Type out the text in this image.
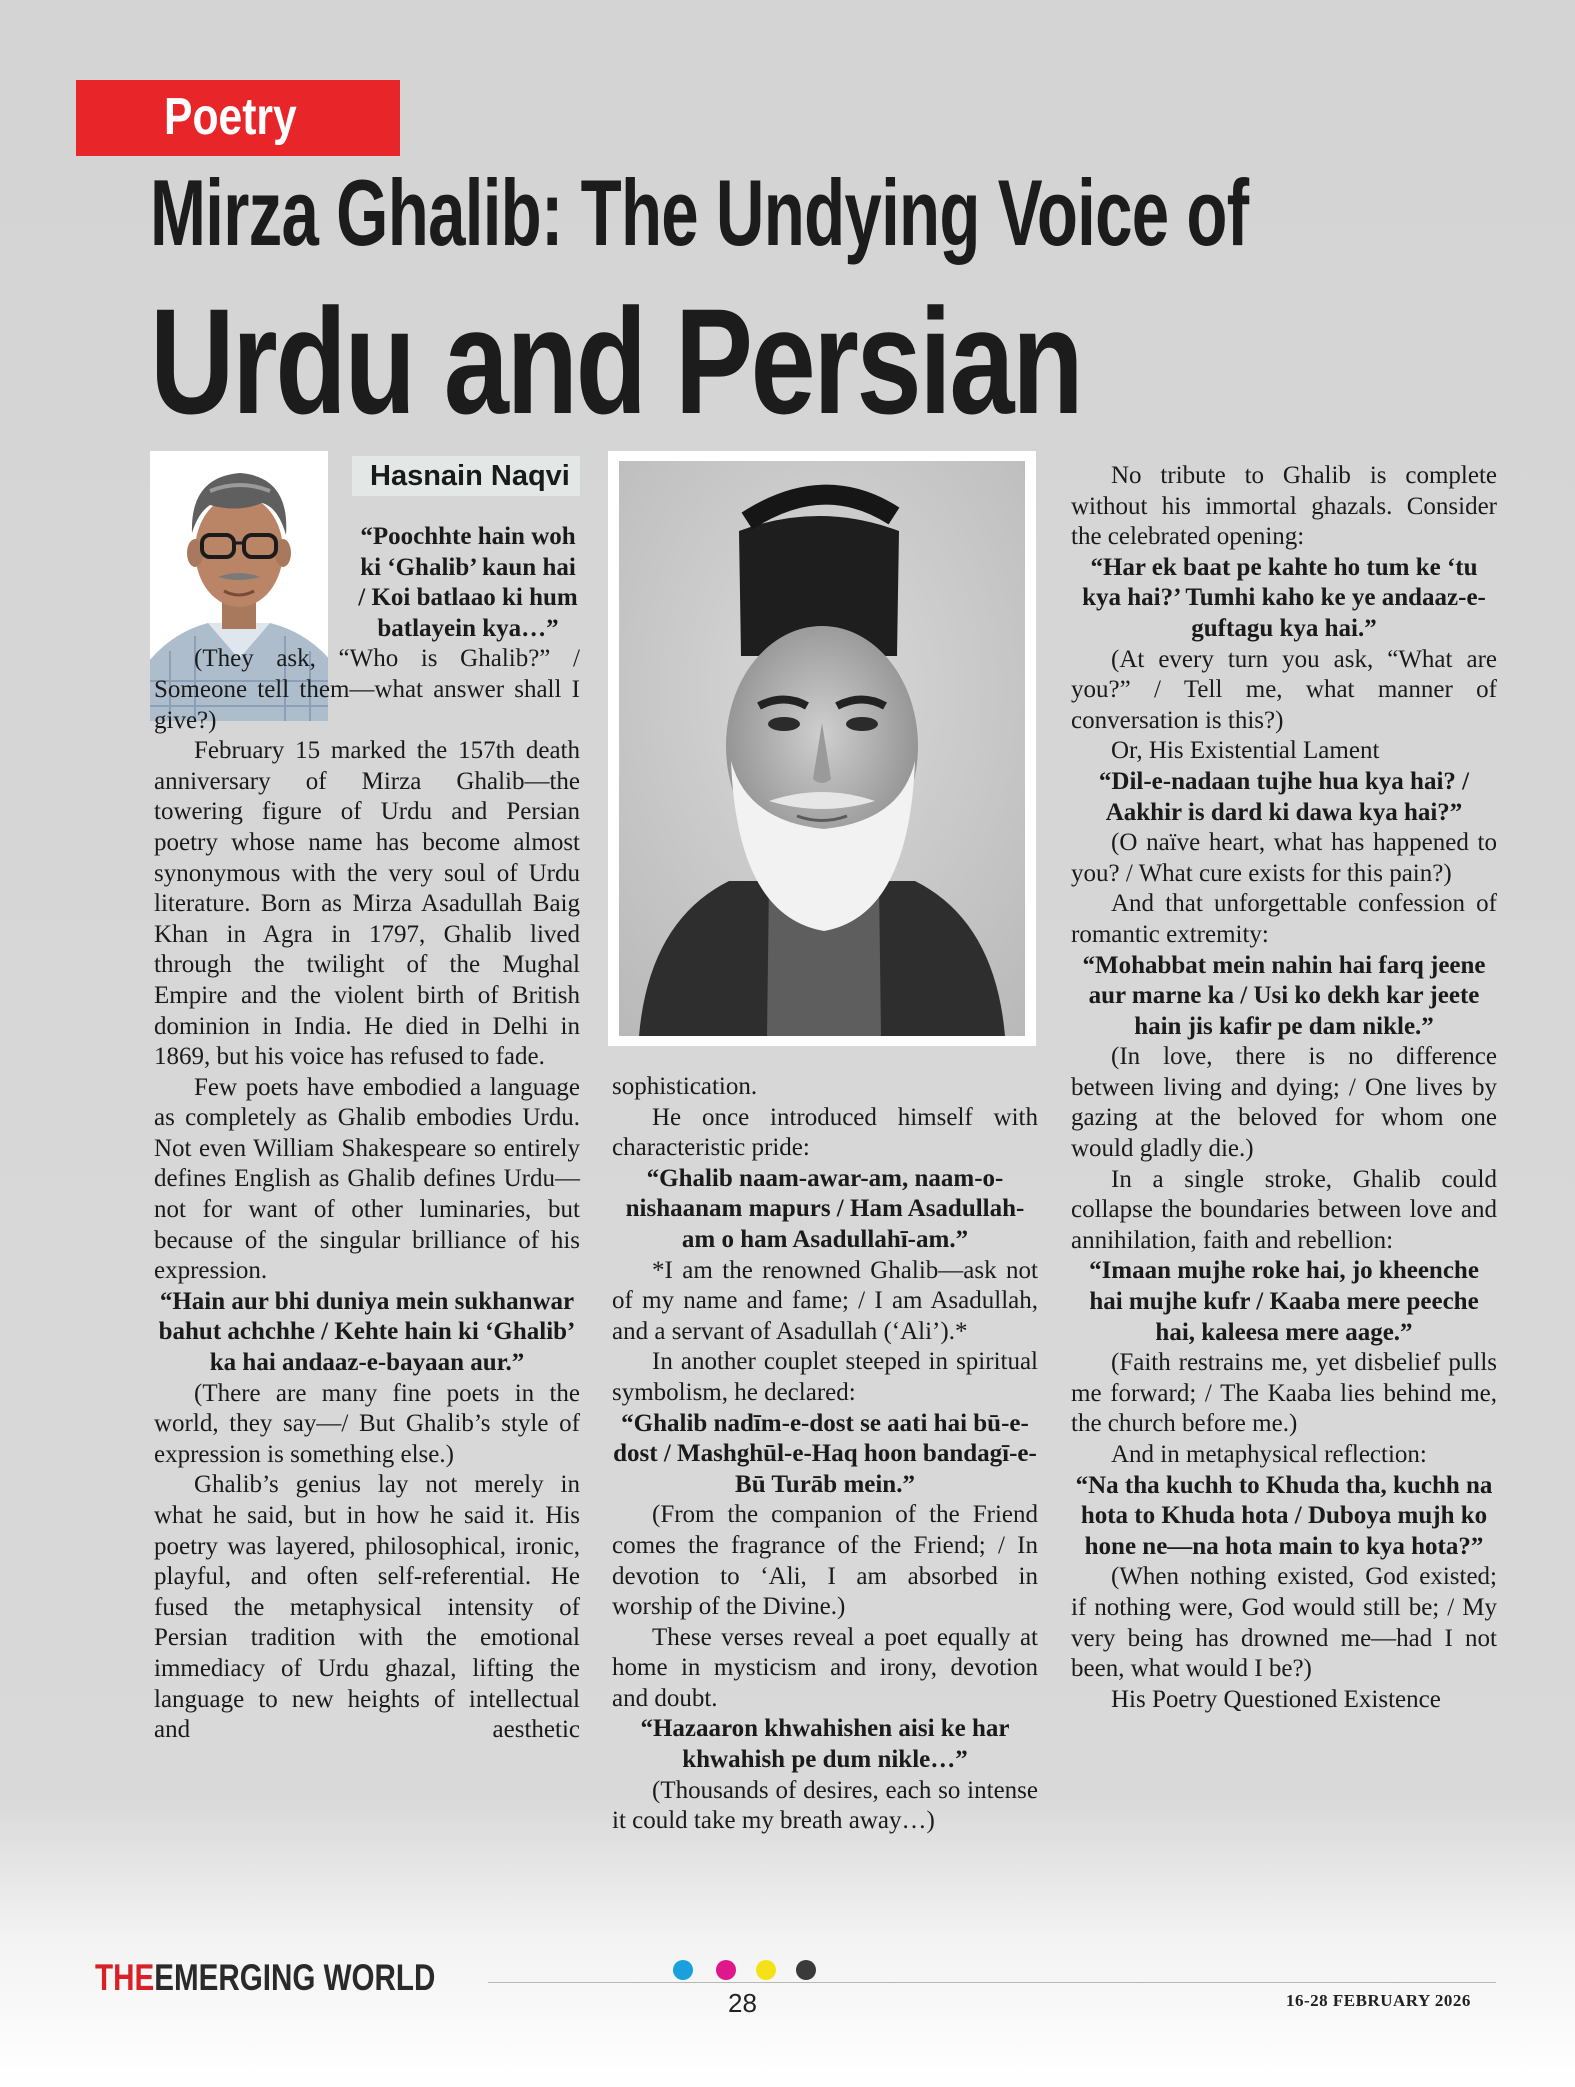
Poetry
Mirza Ghalib: The Undying Voice of
Urdu and Persian
Hasnain Naqvi

“Poochhte hain woh ki ‘Ghalib’ kaun hai / Koi batlaao ki hum batlayein kya…”

(They ask, “Who is Ghalib?” / Someone tell them—what answer shall I give?)

February 15 marked the 157th death anniversary of Mirza Ghalib—the towering figure of Urdu and Persian poetry whose name has become almost synonymous with the very soul of Urdu literature. Born as Mirza Asadullah Baig Khan in Agra in 1797, Ghalib lived through the twilight of the Mughal Empire and the violent birth of British dominion in India. He died in Delhi in 1869, but his voice has refused to fade.

Few poets have embodied a language as completely as Ghalib embodies Urdu. Not even William Shakespeare so entirely defines English as Ghalib defines Urdu—not for want of other luminaries, but because of the singular brilliance of his expression.

“Hain aur bhi duniya mein sukhanwar bahut achchhe / Kehte hain ki ‘Ghalib’ ka hai andaaz-e-bayaan aur.”

(There are many fine poets in the world, they say—/ But Ghalib’s style of expression is something else.)

Ghalib’s genius lay not merely in what he said, but in how he said it. His poetry was layered, philosophical, ironic, playful, and often self-referential. He fused the metaphysical intensity of Persian tradition with the emotional immediacy of Urdu ghazal, lifting the language to new heights of intellectual and aesthetic

sophistication.

He once introduced himself with characteristic pride:

“Ghalib naam-awar-am, naam-o-nishaanam mapurs / Ham Asadullah-am o ham Asadullahī-am.”

*I am the renowned Ghalib—ask not of my name and fame; / I am Asadullah, and a servant of Asadullah (‘Ali’).*

In another couplet steeped in spiritual symbolism, he declared:

“Ghalib nadīm-e-dost se aati hai bū-e-dost / Mashghūl-e-Haq hoon bandagī-e-Bū Turāb mein.”

(From the companion of the Friend comes the fragrance of the Friend; / In devotion to ‘Ali, I am absorbed in worship of the Divine.)

These verses reveal a poet equally at home in mysticism and irony, devotion and doubt.

“Hazaaron khwahishen aisi ke har khwahish pe dum nikle…”

(Thousands of desires, each so intense it could take my breath away…)

No tribute to Ghalib is complete without his immortal ghazals. Consider the celebrated opening:

“Har ek baat pe kahte ho tum ke ‘tu kya hai?’ Tumhi kaho ke ye andaaz-e-guftagu kya hai.”

(At every turn you ask, “What are you?” / Tell me, what manner of conversation is this?)

Or, His Existential Lament

“Dil-e-nadaan tujhe hua kya hai? / Aakhir is dard ki dawa kya hai?”

(O naïve heart, what has happened to you? / What cure exists for this pain?)

And that unforgettable confession of romantic extremity:

“Mohabbat mein nahin hai farq jeene aur marne ka / Usi ko dekh kar jeete hain jis kafir pe dam nikle.”

(In love, there is no difference between living and dying; / One lives by gazing at the beloved for whom one would gladly die.)

In a single stroke, Ghalib could collapse the boundaries between love and annihilation, faith and rebellion:

“Imaan mujhe roke hai, jo kheenche hai mujhe kufr / Kaaba mere peeche hai, kaleesa mere aage.”

(Faith restrains me, yet disbelief pulls me forward; / The Kaaba lies behind me, the church before me.)

And in metaphysical reflection:

“Na tha kuchh to Khuda tha, kuchh na hota to Khuda hota / Duboya mujh ko hone ne—na hota main to kya hota?”

(When nothing existed, God existed; if nothing were, God would still be; / My very being has drowned me—had I not been, what would I be?)

His Poetry Questioned Existence

THEEMERGING WORLD
28	16-28 FEBRUARY 2026
